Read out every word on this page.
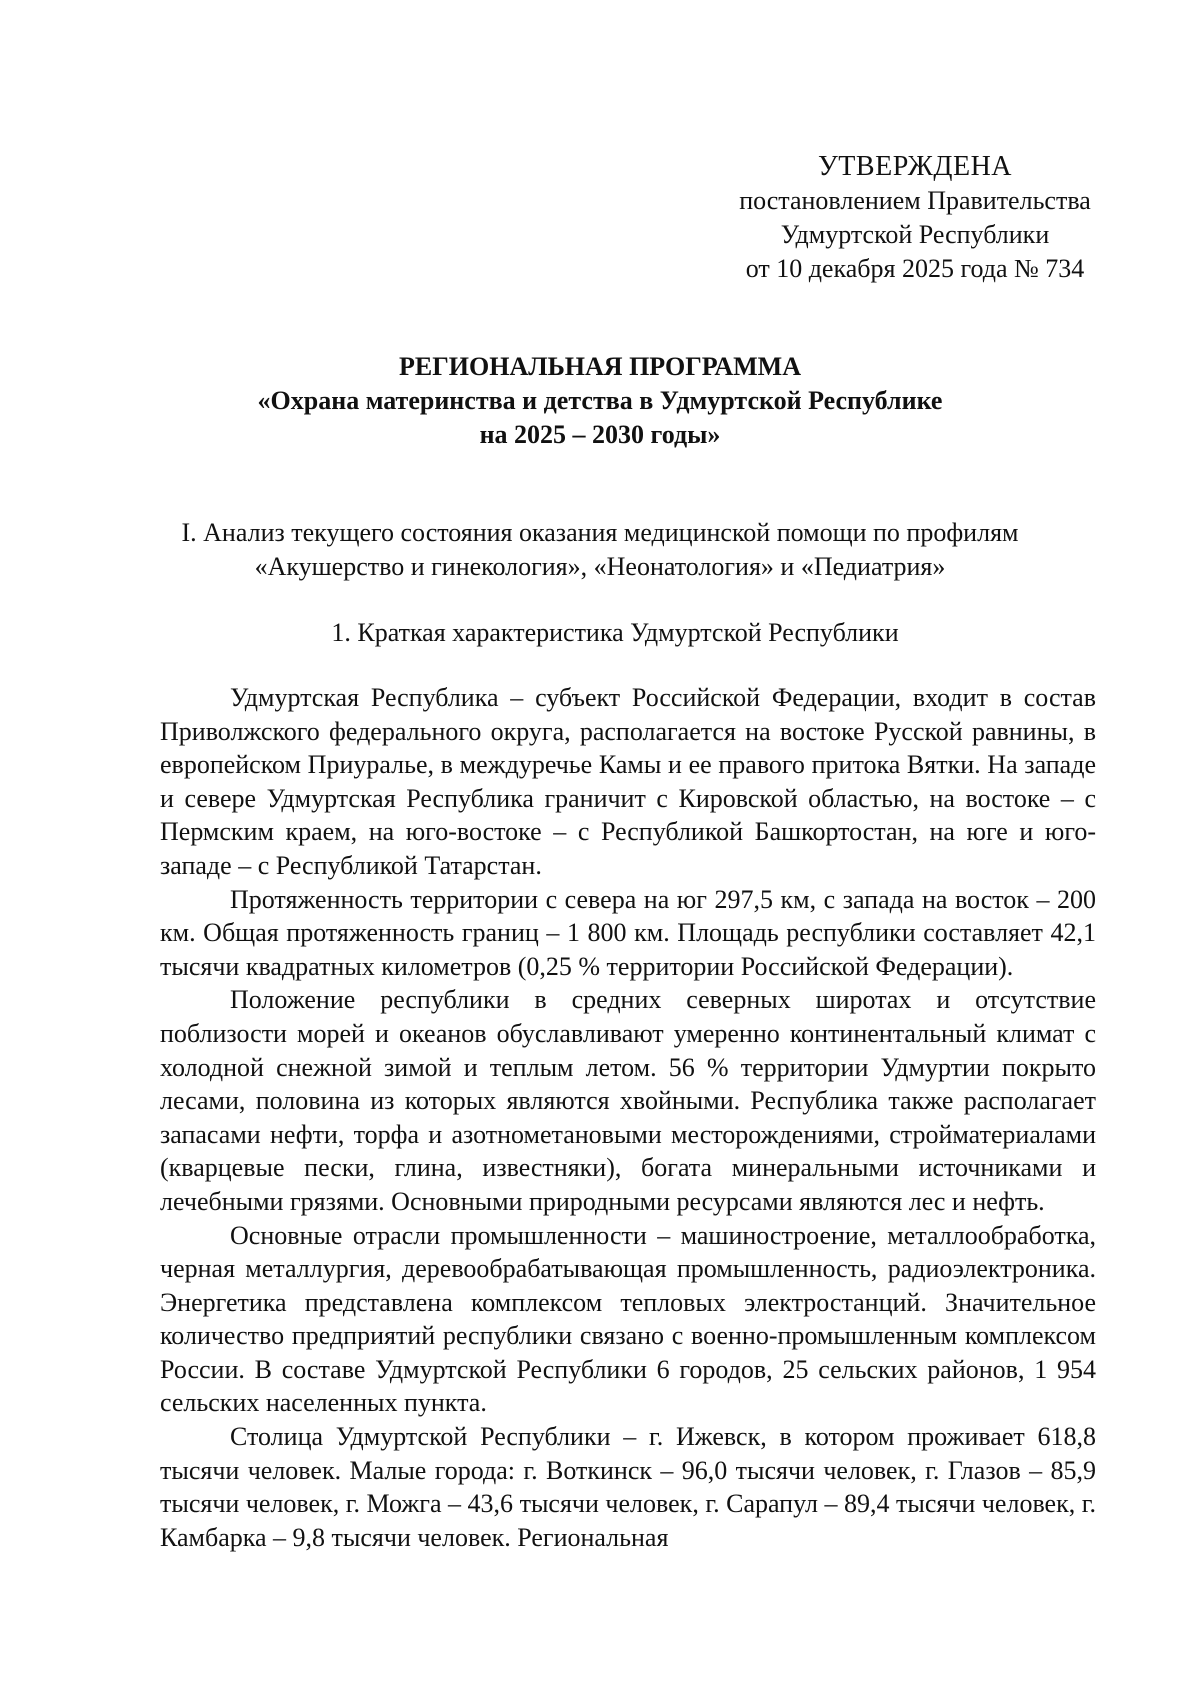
УТВЕРЖДЕНА
постановлением Правительства
Удмуртской Республики
от 10 декабря 2025 года № 734
РЕГИОНАЛЬНАЯ ПРОГРАММА
«Охрана материнства и детства в Удмуртской Республике
на 2025 – 2030 годы»
I. Анализ текущего состояния оказания медицинской помощи по профилям
«Акушерство и гинекология», «Неонатология» и «Педиатрия»
1. Краткая характеристика Удмуртской Республики

Удмуртская Республика – субъект Российской Федерации, входит в состав Приволжского федерального округа, располагается на востоке Русской равнины, в европейском Приуралье, в междуречье Камы и ее правого притока Вятки. На западе и севере Удмуртская Республика граничит с Кировской областью, на востоке – с Пермским краем, на юго-востоке – с Республикой Башкортостан, на юге и юго-западе – с Республикой Татарстан.

Протяженность территории с севера на юг 297,5 км, с запада на восток – 200 км. Общая протяженность границ – 1 800 км. Площадь республики составляет 42,1 тысячи квадратных километров (0,25 % территории Российской Федерации).

Положение республики в средних северных широтах и отсутствие поблизости морей и океанов обуславливают умеренно континентальный климат с холодной снежной зимой и теплым летом. 56 % территории Удмуртии покрыто лесами, половина из которых являются хвойными. Республика также располагает запасами нефти, торфа и азотнометановыми месторождениями, стройматериалами (кварцевые пески, глина, известняки), богата минеральными источниками и лечебными грязями. Основными природными ресурсами являются лес и нефть.

Основные отрасли промышленности – машиностроение, металлообработка, черная металлургия, деревообрабатывающая промышленность, радиоэлектроника. Энергетика представлена комплексом тепловых электростанций. Значительное количество предприятий республики связано с военно-промышленным комплексом России. В составе Удмуртской Республики 6 городов, 25 сельских районов, 1 954 сельских населенных пункта.

Столица Удмуртской Республики – г. Ижевск, в котором проживает 618,8 тысячи человек. Малые города: г. Воткинск – 96,0 тысячи человек, г. Глазов – 85,9 тысячи человек, г. Можга – 43,6 тысячи человек, г. Сарапул – 89,4 тысячи человек, г. Камбарка – 9,8 тысячи человек. Региональная
